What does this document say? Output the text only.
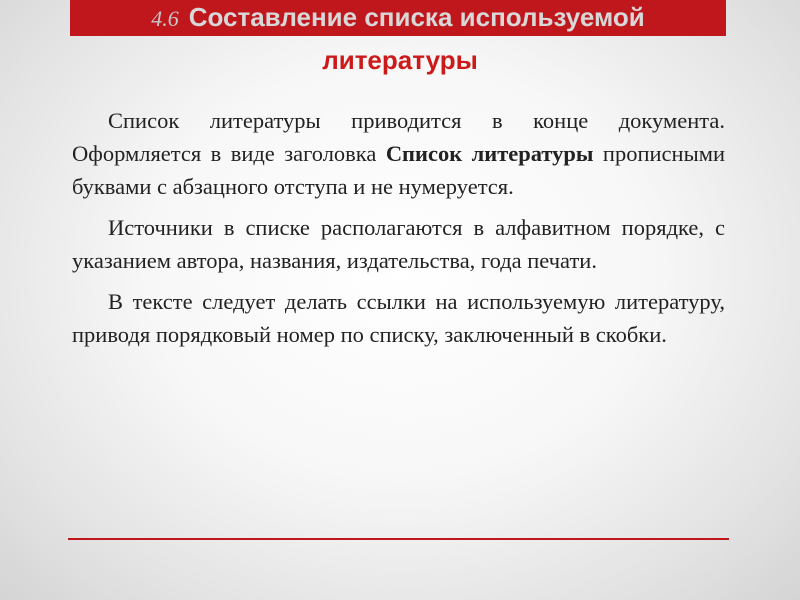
4.6 Составление списка используемой
литературы

Список литературы приводится в конце документа. Оформляется в виде заголовка Список литературы прописными буквами с абзацного отступа и не нумеруется.

Источники в списке располагаются в алфавитном порядке, с указанием автора, названия, издательства, года печати.

В тексте следует делать ссылки на используемую литературу, приводя порядковый номер по списку, заключенный в скобки.
